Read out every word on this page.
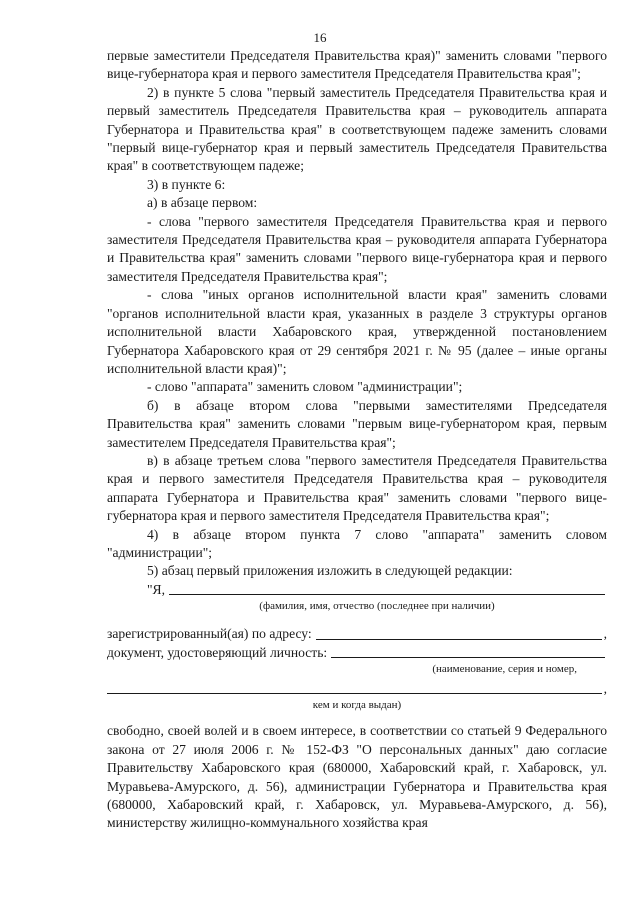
16

первые заместители Председателя Правительства края)" заменить словами "первого вице-губернатора края и первого заместителя Председателя Правительства края";

2) в пункте 5 слова "первый заместитель Председателя Правительства края и первый заместитель Председателя Правительства края – руководитель аппарата Губернатора и Правительства края" в соответствующем падеже заменить словами "первый вице-губернатор края и первый заместитель Председателя Правительства края" в соответствующем падеже;

3) в пункте 6:

а) в абзаце первом:

- слова "первого заместителя Председателя Правительства края и первого заместителя Председателя Правительства края – руководителя аппарата Губернатора и Правительства края" заменить словами "первого вице-губернатора края и первого заместителя Председателя Правительства края";

- слова "иных органов исполнительной власти края" заменить словами "органов исполнительной власти края, указанных в разделе 3 структуры органов исполнительной власти Хабаровского края, утвержденной постановлением Губернатора Хабаровского края от 29 сентября 2021 г. № 95 (далее – иные органы исполнительной власти края)";

- слово "аппарата" заменить словом "администрации";

б) в абзаце втором слова "первыми заместителями Председателя Правительства края" заменить словами "первым вице-губернатором края, первым заместителем Председателя Правительства края";

в) в абзаце третьем слова "первого заместителя Председателя Правительства края и первого заместителя Председателя Правительства края – руководителя аппарата Губернатора и Правительства края" заменить словами "первого вице-губернатора края и первого заместителя Председателя Правительства края";

4) в абзаце втором пункта 7 слово "аппарата" заменить словом "администрации";

5) абзац первый приложения изложить в следующей редакции:

"Я,
(фамилия, имя, отчество (последнее при наличии)
зарегистрированный(ая) по адресу:	,
документ, удостоверяющий личность:
(наименование, серия и номер,
,
кем и когда выдан)

свободно, своей волей и в своем интересе, в соответствии со статьей 9 Федерального закона от 27 июля 2006 г. № 152-ФЗ "О персональных данных" даю согласие Правительству Хабаровского края (680000, Хабаровский край, г. Хабаровск, ул. Муравьева-Амурского, д. 56), администрации Губернатора и Правительства края (680000, Хабаровский край, г. Хабаровск, ул. Муравьева-Амурского, д. 56), министерству жилищно-коммунального хозяйства края
